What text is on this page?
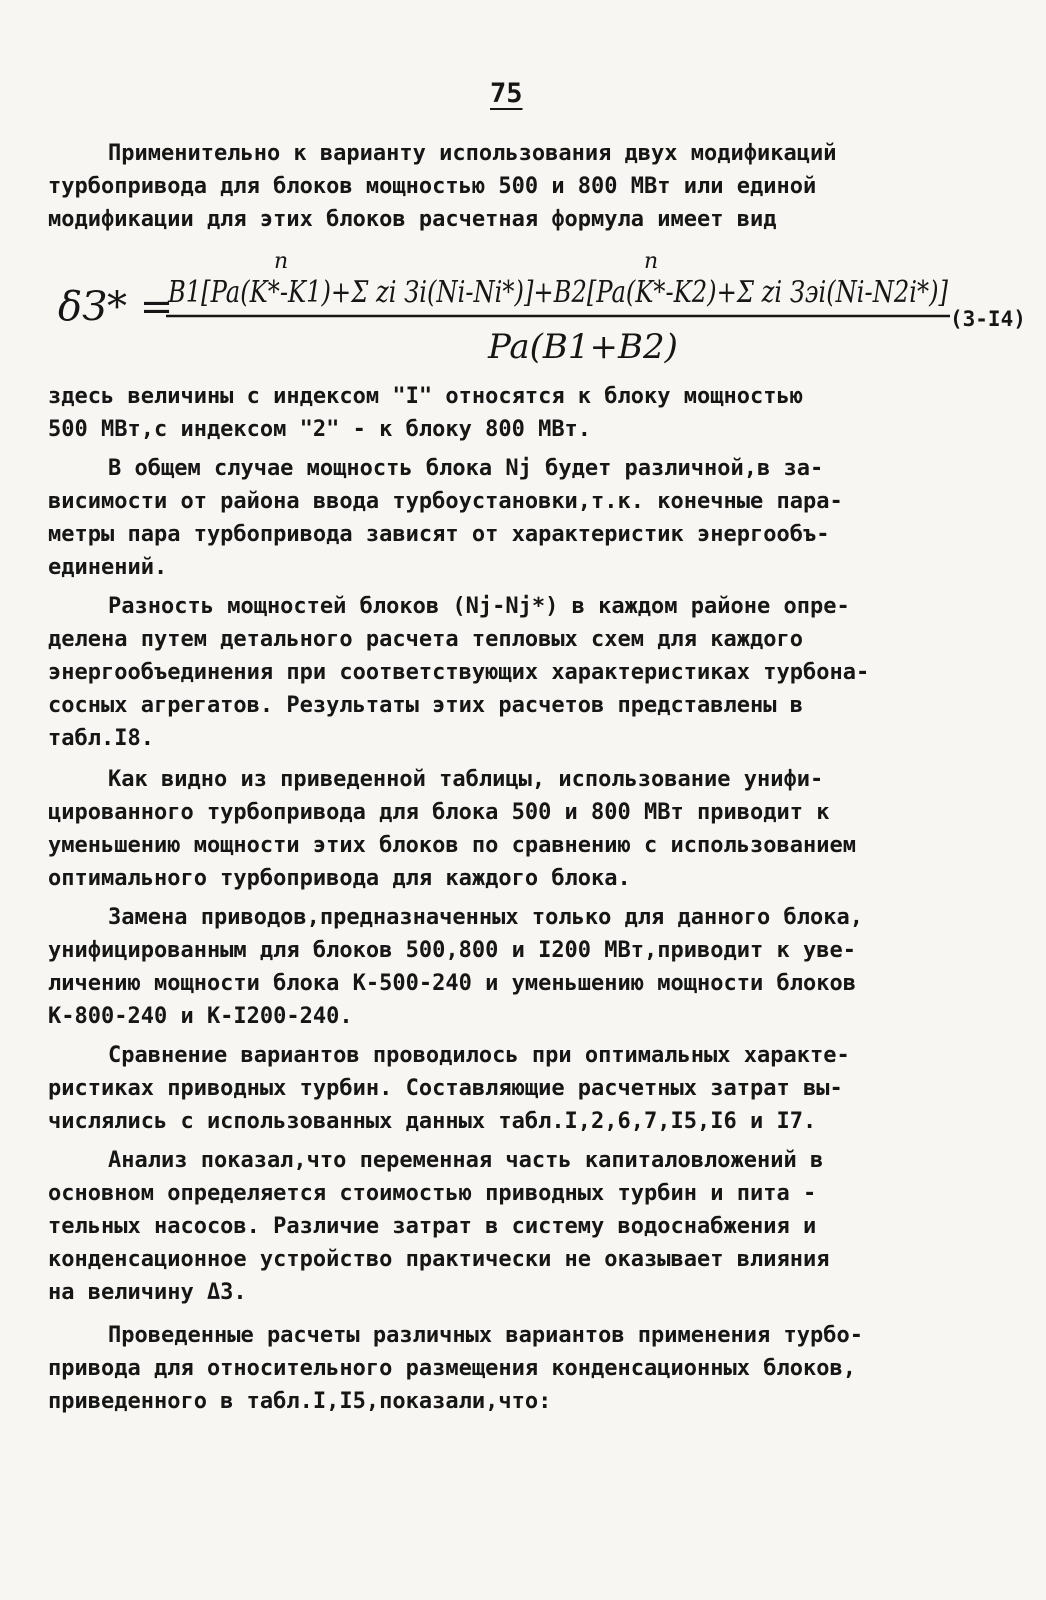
75

Применительно к варианту использования двух модификаций
турбопривода для блоков мощностью 500 и 800 МВт или единой
модификации для этих блоков расчетная формула имеет вид

δЗ* =
B1[Pa(K*-K1)+Σ zi Зi(Ni-Ni*)]+B2[Pa(K*-K2)+Σ zi Зэi(Ni-N2i*)]
n	n
Pa(B1+B2)
(3-I4)

здесь величины с индексом "I" относятся к блоку мощностью
500 МВт,с индексом "2" - к блоку 800 МВт.

В общем случае мощность блока Nj будет различной,в за-
висимости от района ввода турбоустановки,т.к. конечные пара-
метры пара турбопривода зависят от характеристик энергообъ-
единений.

Разность мощностей блоков (Nj-Nj*) в каждом районе опре-
делена путем детального расчета тепловых схем для каждого
энергообъединения при соответствующих характеристиках турбона-
сосных агрегатов. Результаты этих расчетов представлены в
табл.I8.

Как видно из приведенной таблицы, использование унифи-
цированного турбопривода для блока 500 и 800 МВт приводит к
уменьшению мощности этих блоков по сравнению с использованием
оптимального турбопривода для каждого блока.

Замена приводов,предназначенных только для данного блока,
унифицированным для блоков 500,800 и I200 МВт,приводит к уве-
личению мощности блока К-500-240 и уменьшению мощности блоков
К-800-240 и К-I200-240.

Сравнение вариантов проводилось при оптимальных характе-
ристиках приводных турбин. Составляющие расчетных затрат вы-
числялись с использованных данных табл.I,2,6,7,I5,I6 и I7.

Анализ показал,что переменная часть капиталовложений в
основном определяется стоимостью приводных турбин и пита -
тельных насосов. Различие затрат в систему водоснабжения и
конденсационное устройство практически не оказывает влияния
на величину ΔЗ.

Проведенные расчеты различных вариантов применения турбо-
привода для относительного размещения конденсационных блоков,
приведенного в табл.I,I5,показали,что:
